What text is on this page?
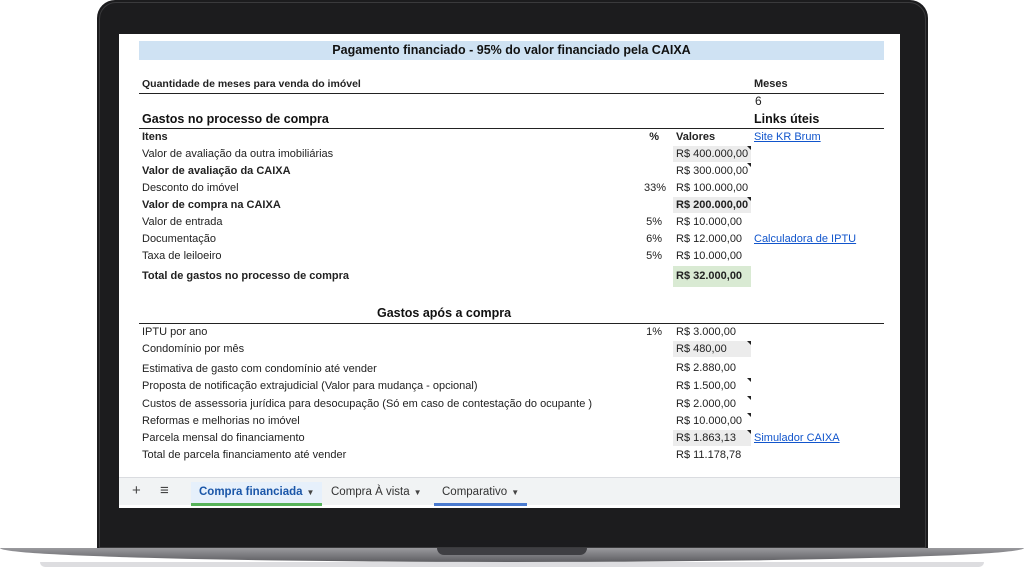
Pagamento financiado - 95% do valor financiado pela CAIXA
Quantidade de meses para venda do imóvel	Meses
6
Gastos no processo de compra	Links úteis
Itens	% Valores	Site KR Brum
Valor de avaliação da outra imobiliárias	R$ 400.000,00
Valor de avaliação da CAIXA	R$ 300.000,00
Desconto do imóvel	33% R$ 100.000,00
Valor de compra na CAIXA	R$ 200.000,00
Valor de entrada	5% R$ 10.000,00
Documentação	6% R$ 12.000,00	Calculadora de IPTU
Taxa de leiloeiro	5% R$ 10.000,00
Total de gastos no processo de compra	R$ 32.000,00
Gastos após a compra
IPTU por ano	1% R$ 3.000,00
Condomínio por mês	R$ 480,00
Estimativa de gasto com condomínio até vender	R$ 2.880,00
Proposta de notificação extrajudicial (Valor para mudança - opcional)	R$ 1.500,00
Custos de assessoria jurídica para desocupação (Só em caso de contestação do ocupante )	R$ 2.000,00
Reformas e melhorias no imóvel	R$ 10.000,00
Parcela mensal do financiamento	R$ 1.863,13	Simulador CAIXA
Total de parcela financiamento até vender	R$ 11.178,78
+ ≡	Compra financiada ▼	Compra À vista ▼	Comparativo ▼
